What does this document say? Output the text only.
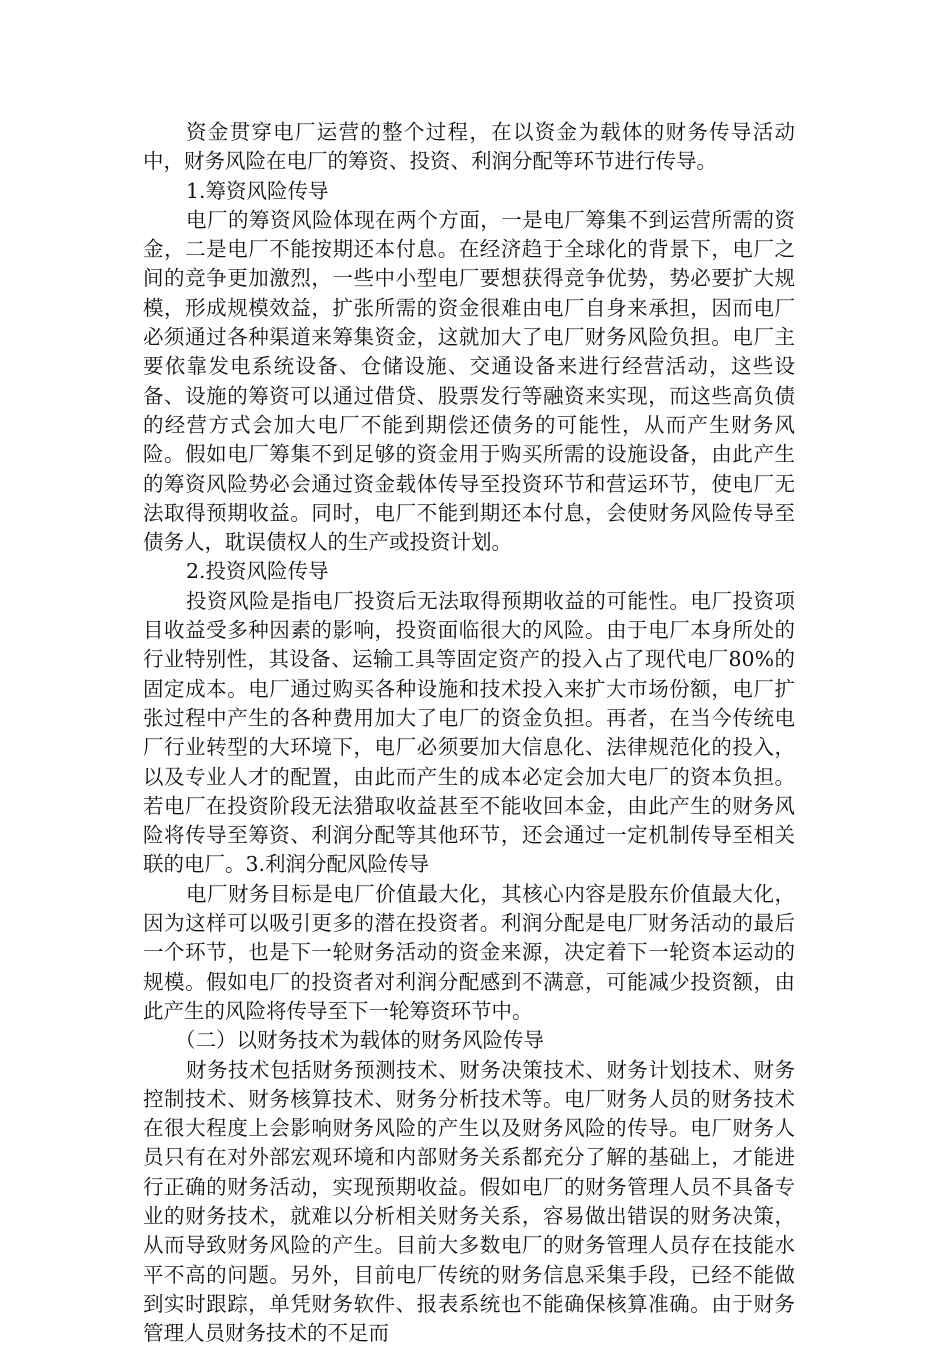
资金贯穿电厂运营的整个过程，在以资金为载体的财务传导活动中，财务风险在电厂的筹资、投资、利润分配等环节进行传导。

1.筹资风险传导

电厂的筹资风险体现在两个方面，一是电厂筹集不到运营所需的资金，二是电厂不能按期还本付息。在经济趋于全球化的背景下，电厂之间的竞争更加激烈，一些中小型电厂要想获得竞争优势，势必要扩大规模，形成规模效益，扩张所需的资金很难由电厂自身来承担，因而电厂必须通过各种渠道来筹集资金，这就加大了电厂财务风险负担。电厂主要依靠发电系统设备、仓储设施、交通设备来进行经营活动，这些设备、设施的筹资可以通过借贷、股票发行等融资来实现，而这些高负债的经营方式会加大电厂不能到期偿还债务的可能性，从而产生财务风险。假如电厂筹集不到足够的资金用于购买所需的设施设备，由此产生的筹资风险势必会通过资金载体传导至投资环节和营运环节，使电厂无法取得预期收益。同时，电厂不能到期还本付息，会使财务风险传导至债务人，耽误债权人的生产或投资计划。

2.投资风险传导

投资风险是指电厂投资后无法取得预期收益的可能性。电厂投资项目收益受多种因素的影响，投资面临很大的风险。由于电厂本身所处的行业特别性，其设备、运输工具等固定资产的投入占了现代电厂80%的固定成本。电厂通过购买各种设施和技术投入来扩大市场份额，电厂扩张过程中产生的各种费用加大了电厂的资金负担。再者，在当今传统电厂行业转型的大环境下，电厂必须要加大信息化、法律规范化的投入，以及专业人才的配置，由此而产生的成本必定会加大电厂的资本负担。若电厂在投资阶段无法猎取收益甚至不能收回本金，由此产生的财务风险将传导至筹资、利润分配等其他环节，还会通过一定机制传导至相关联的电厂。3.利润分配风险传导

电厂财务目标是电厂价值最大化，其核心内容是股东价值最大化，因为这样可以吸引更多的潜在投资者。利润分配是电厂财务活动的最后一个环节，也是下一轮财务活动的资金来源，决定着下一轮资本运动的规模。假如电厂的投资者对利润分配感到不满意，可能减少投资额，由此产生的风险将传导至下一轮筹资环节中。

（二）以财务技术为载体的财务风险传导

财务技术包括财务预测技术、财务决策技术、财务计划技术、财务控制技术、财务核算技术、财务分析技术等。电厂财务人员的财务技术在很大程度上会影响财务风险的产生以及财务风险的传导。电厂财务人员只有在对外部宏观环境和内部财务关系都充分了解的基础上，才能进行正确的财务活动，实现预期收益。假如电厂的财务管理人员不具备专业的财务技术，就难以分析相关财务关系，容易做出错误的财务决策，从而导致财务风险的产生。目前大多数电厂的财务管理人员存在技能水平不高的问题。另外，目前电厂传统的财务信息采集手段，已经不能做到实时跟踪，单凭财务软件、报表系统也不能确保核算准确。由于财务管理人员财务技术的不足而
